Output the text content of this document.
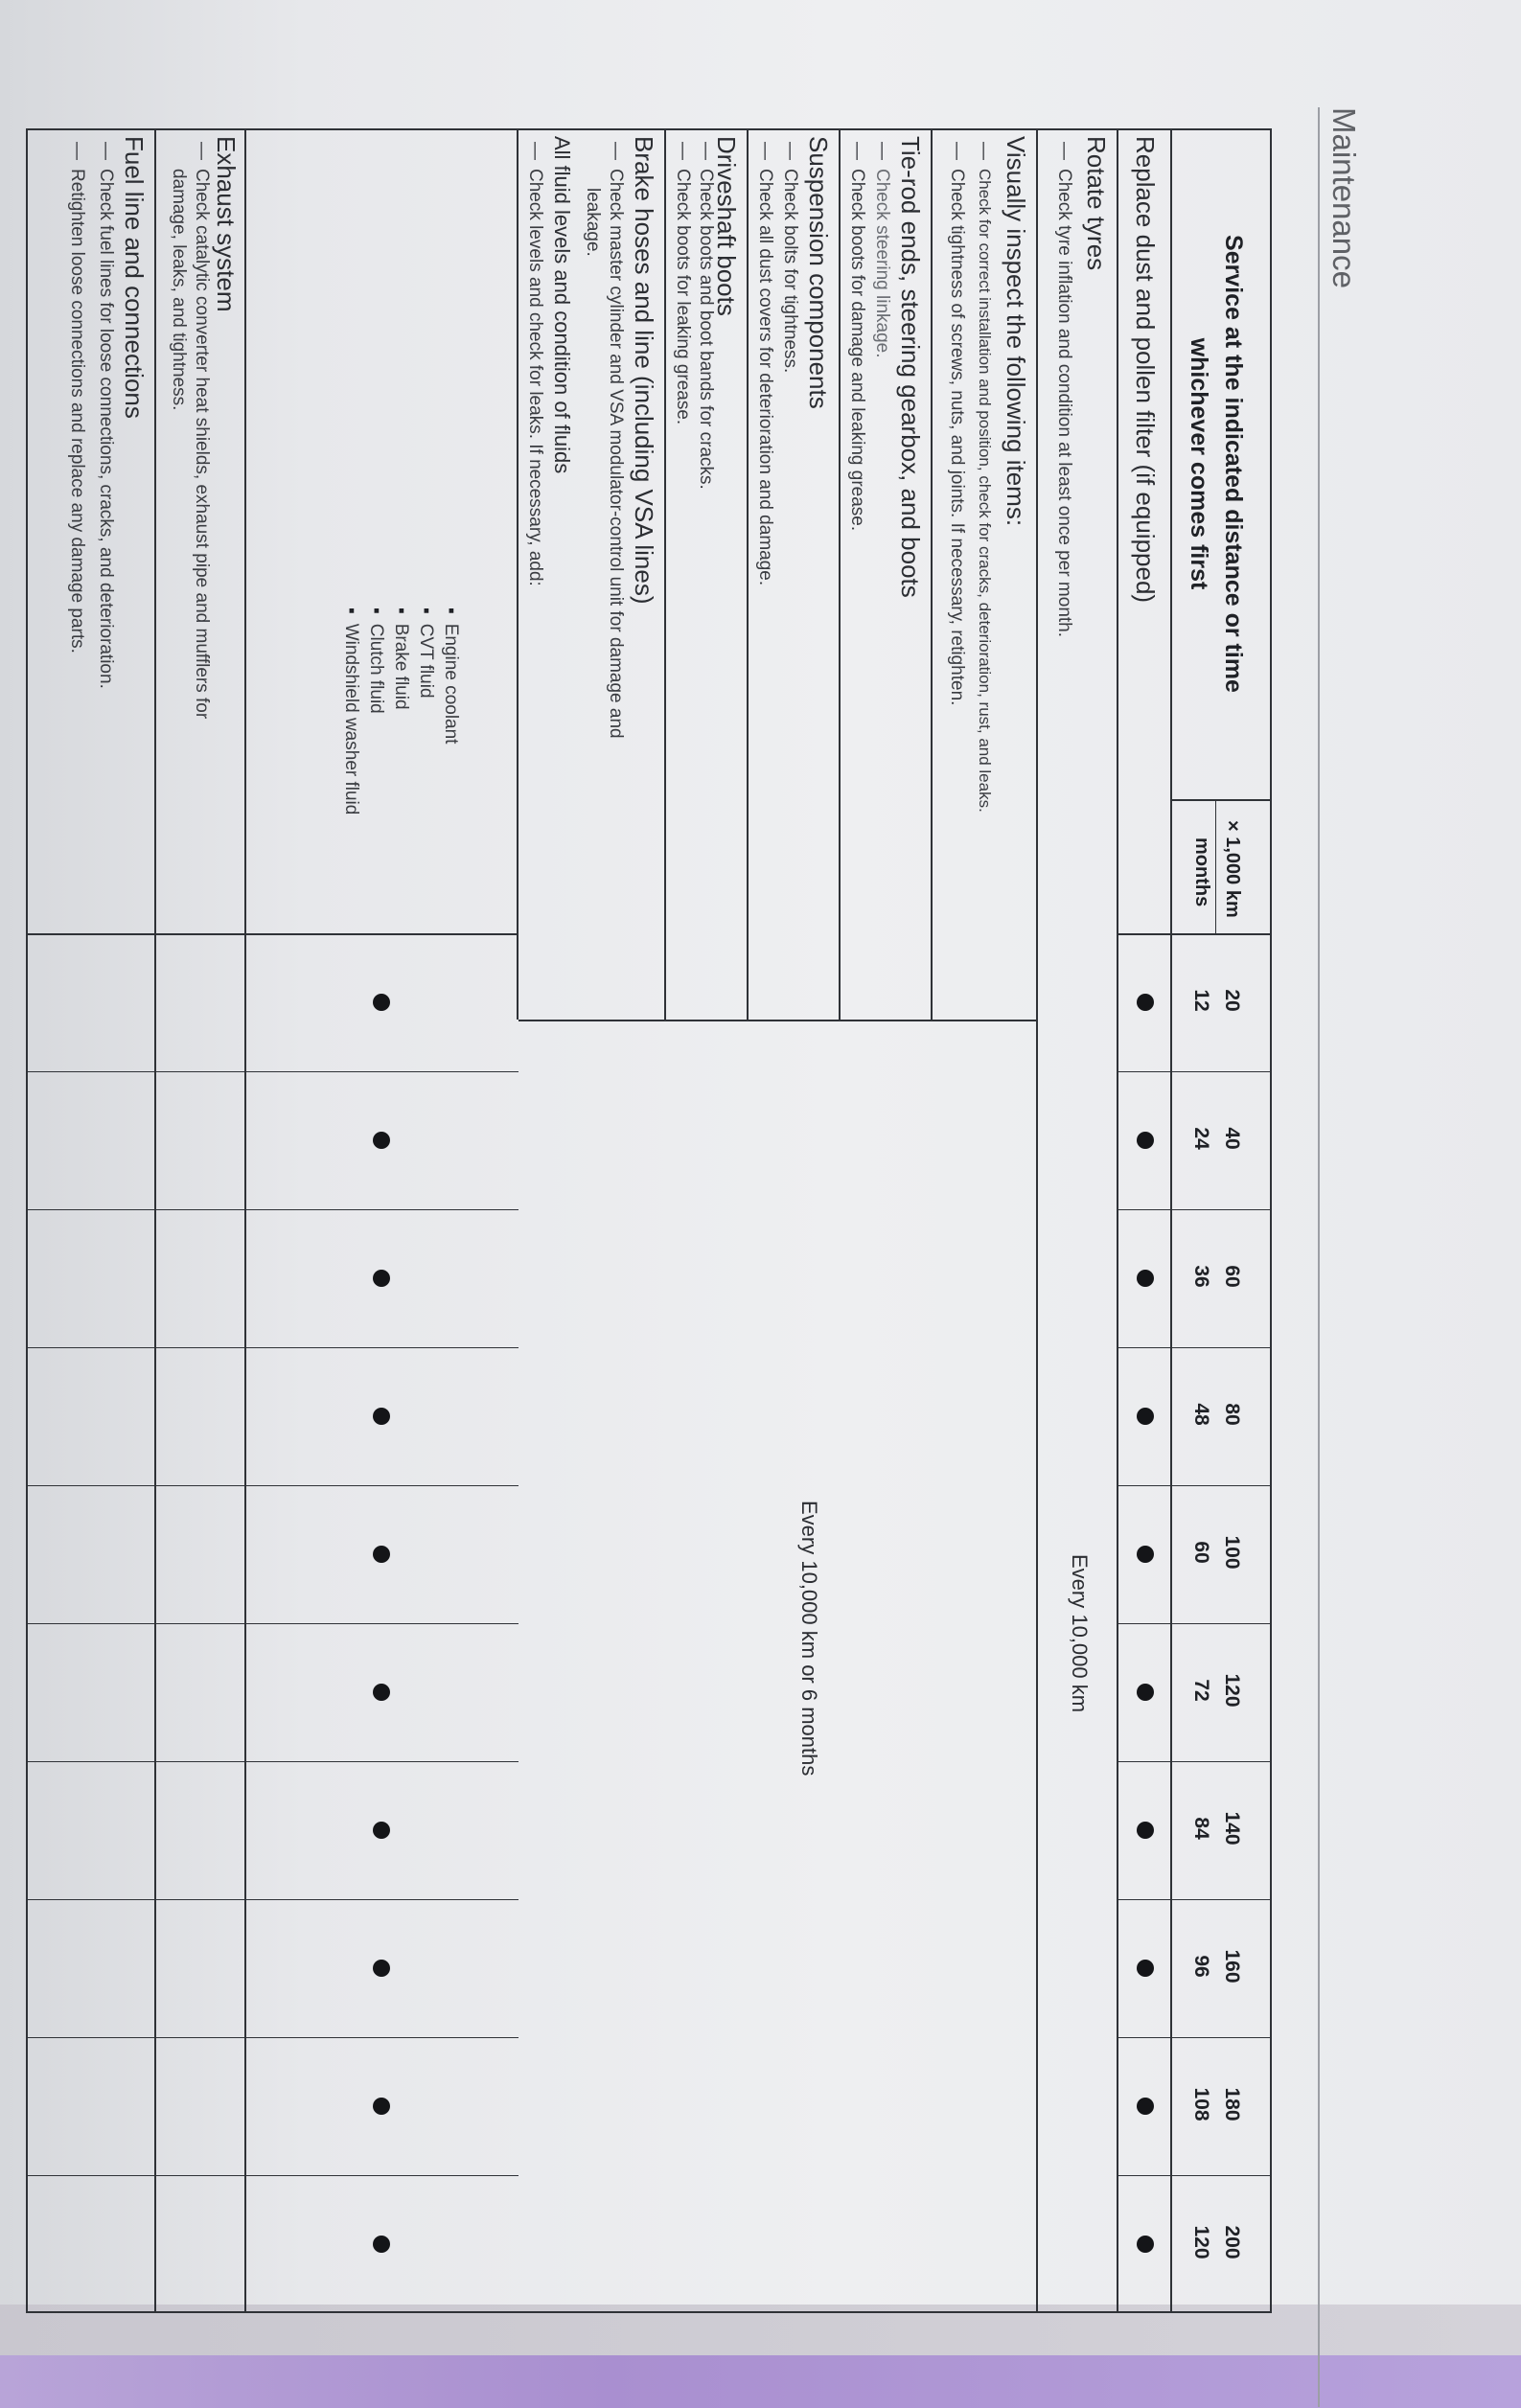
Maintenance
Service at the indicated distance or time
whichever comes first
× 1,000 km
months
Replace dust and pollen filter (if equipped)
Rotate tyres
—
Check tyre inflation and condition at least once per month.
Every 10,000 km
Visually inspect the following items:
—
Check for correct installation and position, check for cracks, deterioration, rust, and leaks.
—
Check tightness of screws, nuts, and joints. If necessary, retighten.
Tie-rod ends, steering gearbox, and boots
—
Check steering linkage.
—
Check boots for damage and leaking grease.
Suspension components
—
Check bolts for tightness.
—
Check all dust covers for deterioration and damage.
Every 10,000 km or 6 months
Driveshaft boots
—
Check boots and boot bands for cracks.
—
Check boots for leaking grease.
Brake hoses and line (including VSA lines)
—
Check master cylinder and VSA modulator-control unit for damage and
leakage.
All fluid levels and condition of fluids
—
Check levels and check for leaks. If necessary, add:
Exhaust system
—
Check catalytic converter heat shields, exhaust pipe and mufflers for
damage, leaks, and tightness.
Fuel line and connections
—
Check fuel lines for loose connections, cracks, and deterioration.
—
Retighten loose connections and replace any damage parts.
20
12
40
24
60
36
80
48
100
60
120
72
140
84
160
96
180
108
200
120
▪ Engine coolant
▪ CVT fluid
▪ Brake fluid
▪ Clutch fluid
▪ Windshield washer fluid
